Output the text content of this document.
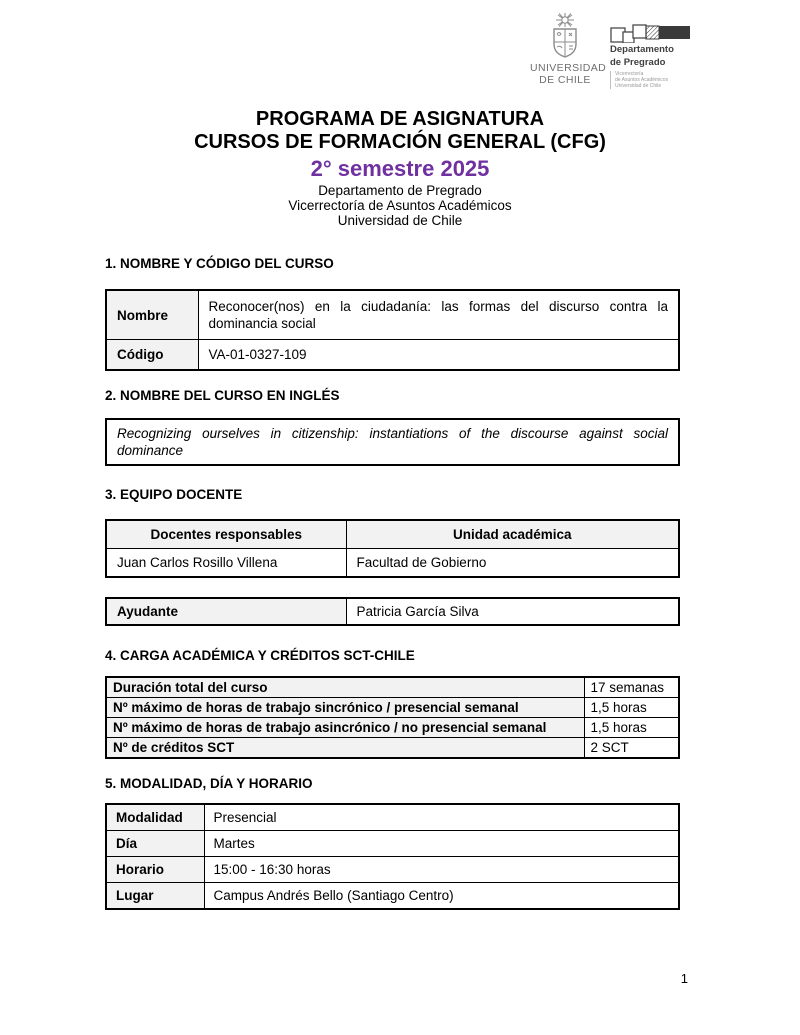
UNIVERSIDAD
DE CHILE
Departamento
de Pregrado
Vicerrectoría
de Asuntos Académicos
Universidad de Chile
PROGRAMA DE ASIGNATURA
CURSOS DE FORMACIÓN GENERAL (CFG)
2° semestre 2025
Departamento de Pregrado
Vicerrectoría de Asuntos Académicos
Universidad de Chile
1. NOMBRE Y CÓDIGO DEL CURSO
Nombre	Reconocer(nos) en la ciudadanía: las formas del discurso contra la dominancia social
Código	VA-01-0327-109
2. NOMBRE DEL CURSO EN INGLÉS
Recognizing ourselves in citizenship: instantiations of the discourse against social dominance
3. EQUIPO DOCENTE
Docentes responsables	Unidad académica
Juan Carlos Rosillo Villena	Facultad de Gobierno
Ayudante	Patricia García Silva
4. CARGA ACADÉMICA Y CRÉDITOS SCT-CHILE
Duración total del curso	17 semanas
Nº máximo de horas de trabajo sincrónico / presencial semanal	1,5 horas
Nº máximo de horas de trabajo asincrónico / no presencial semanal	1,5 horas
Nº de créditos SCT	2 SCT
5. MODALIDAD, DÍA Y HORARIO
Modalidad	Presencial
Día	Martes
Horario	15:00 - 16:30 horas
Lugar	Campus Andrés Bello (Santiago Centro)
1
